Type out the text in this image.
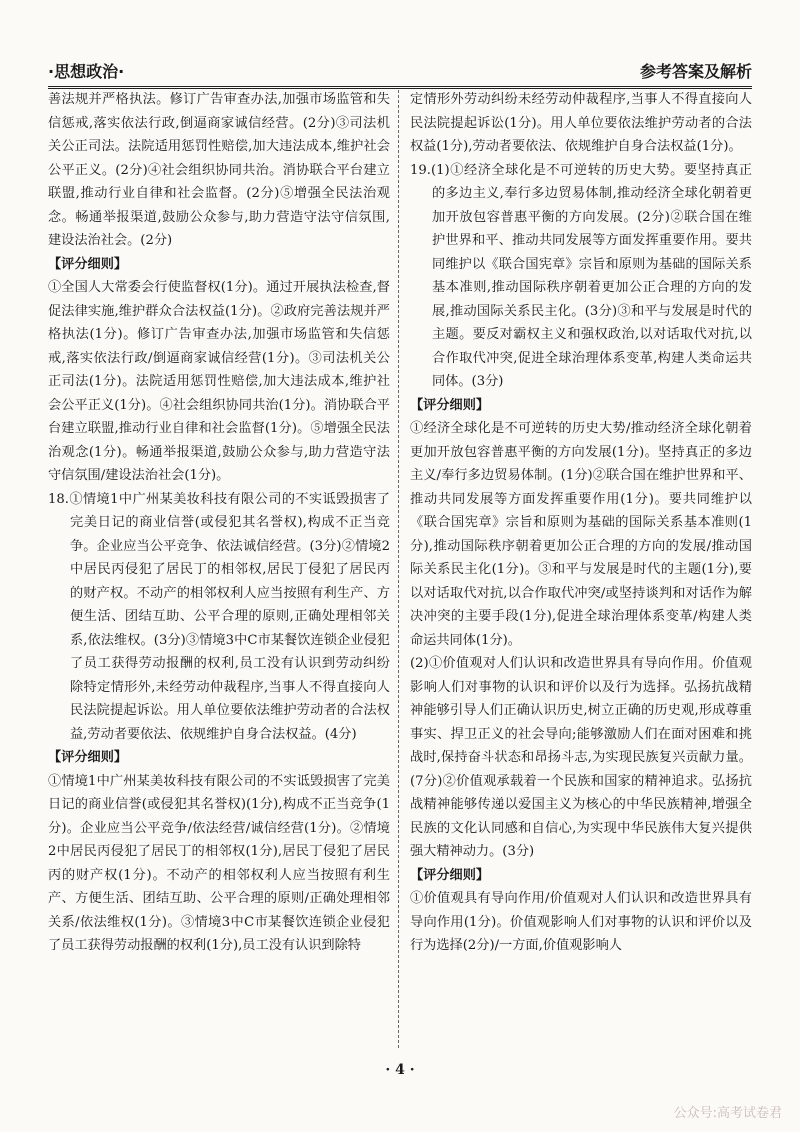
·思想政治·	参考答案及解析

善法规并严格执法。修订广告审查办法,加强市场监管和失信惩戒,落实依法行政,倒逼商家诚信经营。(2分)③司法机关公正司法。法院适用惩罚性赔偿,加大违法成本,维护社会公平正义。(2分)④社会组织协同共治。消协联合平台建立联盟,推动行业自律和社会监督。(2分)⑤增强全民法治观念。畅通举报渠道,鼓励公众参与,助力营造守法守信氛围,建设法治社会。(2分)

【评分细则】

①全国人大常委会行使监督权(1分)。通过开展执法检查,督促法律实施,维护群众合法权益(1分)。②政府完善法规并严格执法(1分)。修订广告审查办法,加强市场监管和失信惩戒,落实依法行政/倒逼商家诚信经营(1分)。③司法机关公正司法(1分)。法院适用惩罚性赔偿,加大违法成本,维护社会公平正义(1分)。④社会组织协同共治(1分)。消协联合平台建立联盟,推动行业自律和社会监督(1分)。⑤增强全民法治观念(1分)。畅通举报渠道,鼓励公众参与,助力营造守法守信氛围/建设法治社会(1分)。

18.①情境1中广州某美妆科技有限公司的不实诋毁损害了完美日记的商业信誉(或侵犯其名誉权),构成不正当竞争。企业应当公平竞争、依法诚信经营。(3分)②情境2中居民丙侵犯了居民丁的相邻权,居民丁侵犯了居民丙的财产权。不动产的相邻权利人应当按照有利生产、方便生活、团结互助、公平合理的原则,正确处理相邻关系,依法维权。(3分)③情境3中C市某餐饮连锁企业侵犯了员工获得劳动报酬的权利,员工没有认识到劳动纠纷除特定情形外,未经劳动仲裁程序,当事人不得直接向人民法院提起诉讼。用人单位要依法维护劳动者的合法权益,劳动者要依法、依规维护自身合法权益。(4分)

【评分细则】

①情境1中广州某美妆科技有限公司的不实诋毁损害了完美日记的商业信誉(或侵犯其名誉权)(1分),构成不正当竞争(1分)。企业应当公平竞争/依法经营/诚信经营(1分)。②情境2中居民丙侵犯了居民丁的相邻权(1分),居民丁侵犯了居民丙的财产权(1分)。不动产的相邻权利人应当按照有利生产、方便生活、团结互助、公平合理的原则/正确处理相邻关系/依法维权(1分)。③情境3中C市某餐饮连锁企业侵犯了员工获得劳动报酬的权利(1分),员工没有认识到除特

定情形外劳动纠纷未经劳动仲裁程序,当事人不得直接向人民法院提起诉讼(1分)。用人单位要依法维护劳动者的合法权益(1分),劳动者要依法、依规维护自身合法权益(1分)。

19.(1)①经济全球化是不可逆转的历史大势。要坚持真正的多边主义,奉行多边贸易体制,推动经济全球化朝着更加开放包容普惠平衡的方向发展。(2分)②联合国在维护世界和平、推动共同发展等方面发挥重要作用。要共同维护以《联合国宪章》宗旨和原则为基础的国际关系基本准则,推动国际秩序朝着更加公正合理的方向的发展,推动国际关系民主化。(3分)③和平与发展是时代的主题。要反对霸权主义和强权政治,以对话取代对抗,以合作取代冲突,促进全球治理体系变革,构建人类命运共同体。(3分)

【评分细则】

①经济全球化是不可逆转的历史大势/推动经济全球化朝着更加开放包容普惠平衡的方向发展(1分)。坚持真正的多边主义/奉行多边贸易体制。(1分)②联合国在维护世界和平、推动共同发展等方面发挥重要作用(1分)。要共同维护以《联合国宪章》宗旨和原则为基础的国际关系基本准则(1分),推动国际秩序朝着更加公正合理的方向的发展/推动国际关系民主化(1分)。③和平与发展是时代的主题(1分),要以对话取代对抗,以合作取代冲突/或坚持谈判和对话作为解决冲突的主要手段(1分),促进全球治理体系变革/构建人类命运共同体(1分)。

(2)①价值观对人们认识和改造世界具有导向作用。价值观影响人们对事物的认识和评价以及行为选择。弘扬抗战精神能够引导人们正确认识历史,树立正确的历史观,形成尊重事实、捍卫正义的社会导向;能够激励人们在面对困难和挑战时,保持奋斗状态和昂扬斗志,为实现民族复兴贡献力量。(7分)②价值观承载着一个民族和国家的精神追求。弘扬抗战精神能够传递以爱国主义为核心的中华民族精神,增强全民族的文化认同感和自信心,为实现中华民族伟大复兴提供强大精神动力。(3分)

【评分细则】

①价值观具有导向作用/价值观对人们认识和改造世界具有导向作用(1分)。价值观影响人们对事物的认识和评价以及行为选择(2分)/一方面,价值观影响人

· 4 ·
公众号:高考试卷君
